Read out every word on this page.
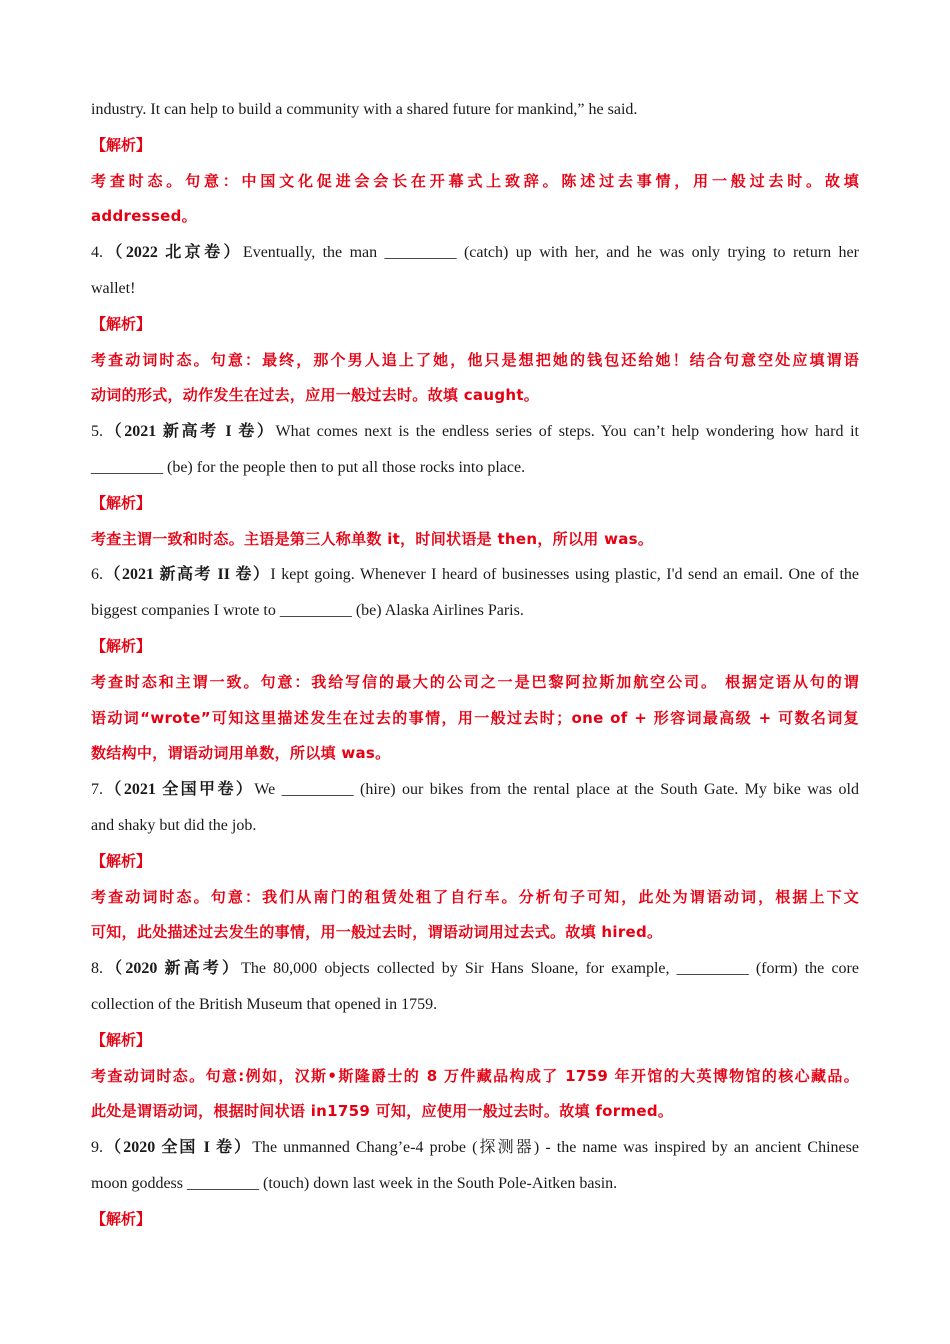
industry. It can help to build a community with a shared future for mankind,” he said.

【解析】

考查时态。句意：中国文化促进会会长在开幕式上致辞。陈述过去事情，用一般过去时。故填

addressed。

4.（2022 北京卷）Eventually, the man _________ (catch) up with her, and he was only trying to return her

wallet!

【解析】

考查动词时态。句意：最终，那个男人追上了她，他只是想把她的钱包还给她！结合句意空处应填谓语

动词的形式，动作发生在过去，应用一般过去时。故填 caught。

5.（2021 新高考 I 卷）What comes next is the endless series of steps. You can’t help wondering how hard it

_________ (be) for the people then to put all those rocks into place.

【解析】

考查主谓一致和时态。主语是第三人称单数 it，时间状语是 then，所以用 was。

6.（2021 新高考 II 卷）I kept going. Whenever I heard of businesses using plastic, I'd send an email. One of the

biggest companies I wrote to _________ (be) Alaska Airlines Paris.

【解析】

考查时态和主谓一致。句意：我给写信的最大的公司之一是巴黎阿拉斯加航空公司。 根据定语从句的谓

语动词“wrote”可知这里描述发生在过去的事情，用一般过去时；one of + 形容词最高级 + 可数名词复

数结构中，谓语动词用单数，所以填 was。

7.（2021 全国甲卷）We _________ (hire) our bikes from the rental place at the South Gate. My bike was old

and shaky but did the job.

【解析】

考查动词时态。句意：我们从南门的租赁处租了自行车。分析句子可知，此处为谓语动词，根据上下文

可知，此处描述过去发生的事情，用一般过去时，谓语动词用过去式。故填 hired。

8.（2020 新高考）The 80,000 objects collected by Sir Hans Sloane, for example, _________ (form) the core

collection of the British Museum that opened in 1759.

【解析】

考查动词时态。句意:例如，汉斯•斯隆爵士的 8 万件藏品构成了 1759 年开馆的大英博物馆的核心藏品。

此处是谓语动词，根据时间状语 in1759 可知，应使用一般过去时。故填 formed。

9.（2020 全国 I 卷）The unmanned Chang’e-4 probe (探测器) - the name was inspired by an ancient Chinese

moon goddess _________ (touch) down last week in the South Pole-Aitken basin.

【解析】
